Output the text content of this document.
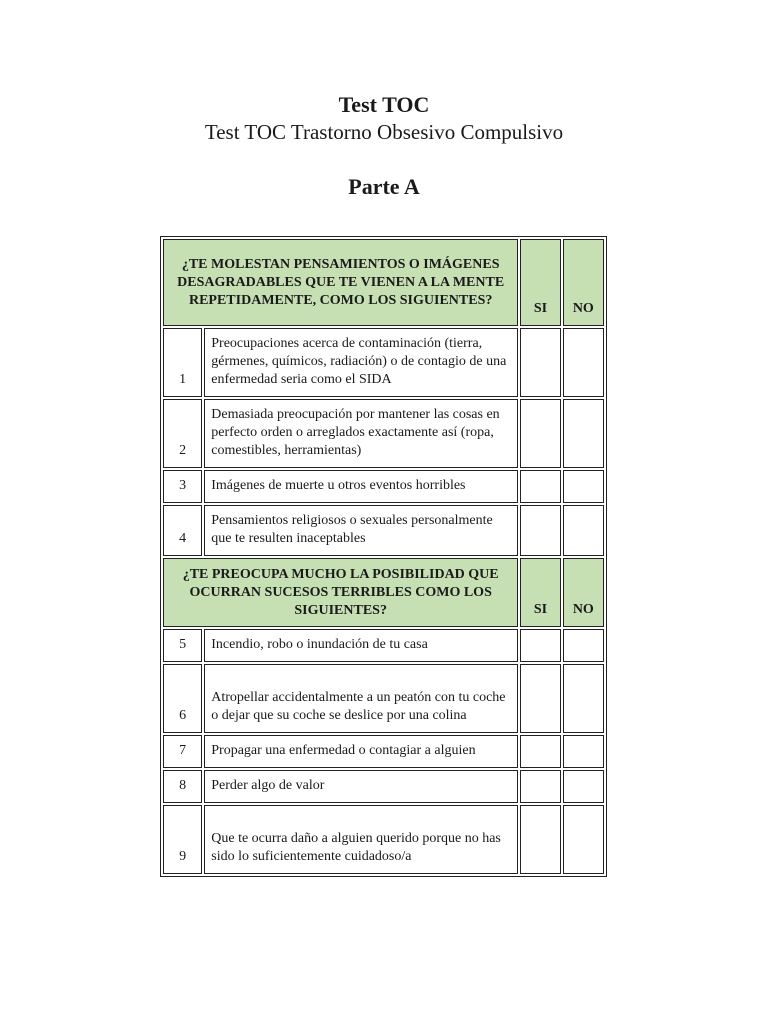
Test TOC
Test TOC Trastorno Obsesivo Compulsivo
Parte A
¿TE MOLESTAN PENSAMIENTOS O IMÁGENES DESAGRADABLES QUE TE VIENEN A LA MENTE REPETIDAMENTE, COMO LOS SIGUIENTES?		SI	NO
1	Preocupaciones acerca de contaminación (tierra, gérmenes, químicos, radiación) o de contagio de una enfermedad seria como el SIDA	

2	Demasiada preocupación por mantener las cosas en perfecto orden o arreglados exactamente así (ropa, comestibles, herramientas)	

3	Imágenes de muerte u otros eventos horribles	

4	Pensamientos religiosos o sexuales personalmente que te resulten inaceptables	

¿TE PREOCUPA MUCHO LA POSIBILIDAD QUE OCURRAN SUCESOS TERRIBLES COMO LOS SIGUIENTES?		SI	NO
5	Incendio, robo o inundación de tu casa	

6	Atropellar accidentalmente a un peatón con tu coche o dejar que su coche se deslice por una colina	

7	Propagar una enfermedad o contagiar a alguien	

8	Perder algo de valor	

9	Que te ocurra daño a alguien querido porque no has sido lo suficientemente cuidadoso/a	
